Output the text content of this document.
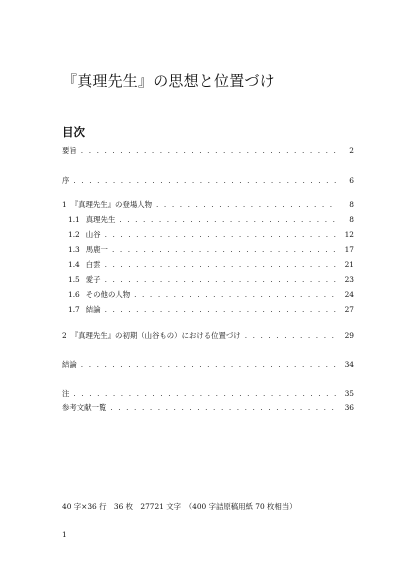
『真理先生』の思想と位置づけ
目次
要旨 . . .	2
序 . . .	6
1 『真理先生』の登場人物 . . .	8
1.1 真理先生 . . .	8
1.2 山谷 . . .	12
1.3 馬鹿一 . . .	17
1.4 白雲 . . .	21
1.5 愛子 . . .	23
1.6 その他の人物 . . .	24
1.7 結論 . . .	27
2 『真理先生』の初期（山谷もの）における位置づけ . . .	29
結論 . . .	34
注 . . .	35
参考文献一覧 . . .	36
40 字×36 行　36 枚　27721 文字　（400 字詰原稿用紙 70 枚相当）
1
